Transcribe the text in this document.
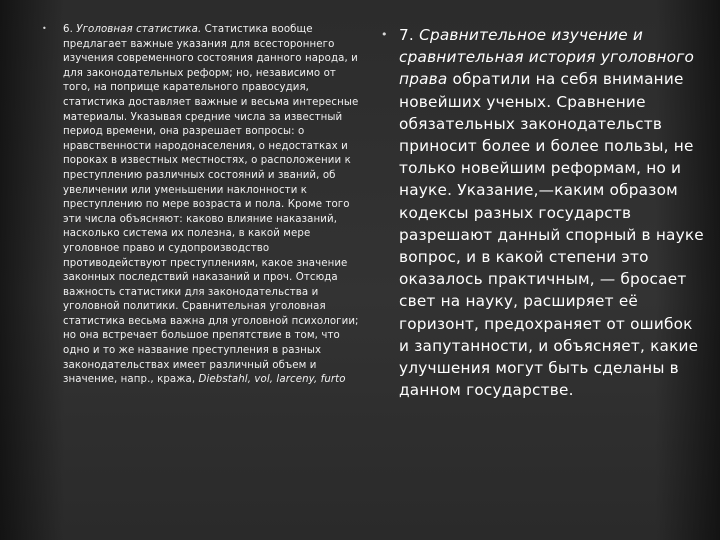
• 6. Уголовная статистика. Статистика вообще предлагает важные указания для всестороннего изучения современного состояния данного народа, и для законодательных реформ; но, независимо от того, на поприще карательного правосудия, статистика доставляет важные и весьма интересные материалы. Указывая средние числа за известный период времени, она разрешает вопросы: о нравственности народонаселения, о недостатках и пороках в известных местностях, о расположении к преступлению различных состояний и званий, об увеличении или уменьшении наклонности к преступлению по мере возраста и пола. Кроме того эти числа объясняют: каково влияние наказаний, насколько система их полезна, в какой мере уголовное право и судопроизводство противодействуют преступлениям, какое значение законных последствий наказаний и проч. Отсюда важность статистики для законодательства и уголовной политики. Сравнительная уголовная статистика весьма важна для уголовной психологии; но она встречает большое препятствие в том, что одно и то же название преступления в разных законодательствах имеет различный объем и значение, напр., кража, Diebstahl, vol, larceny, furto
• 7. Сравнительное изучение и сравнительная история уголовного права обратили на себя внимание новейших ученых. Сравнение обязательных законодательств приносит более и более пользы, не только новейшим реформам, но и науке. Указание,—каким образом кодексы разных государств разрешают данный спорный в науке вопрос, и в какой степени это оказалось практичным, — бросает свет на науку, расширяет её горизонт, предохраняет от ошибок и запутанности, и объясняет, какие улучшения могут быть сделаны в данном государстве.
